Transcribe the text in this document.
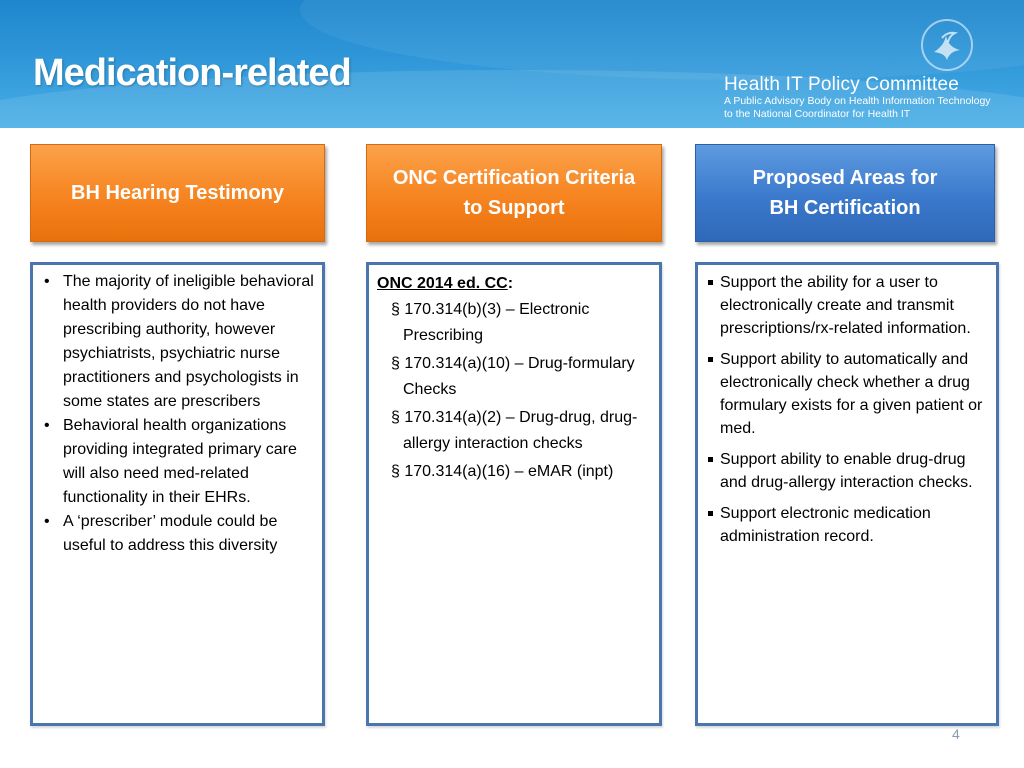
Medication-related	Health IT Policy Committee
A Public Advisory Body on Health Information Technology
to the National Coordinator for Health IT
BH Hearing Testimony
ONC Certification Criteria
to Support
Proposed Areas for
BH Certification
• The majority of ineligible behavioral health providers do not have prescribing authority, however psychiatrists, psychiatric nurse practitioners and psychologists in some states are prescribers
• Behavioral health organizations providing integrated primary care will also need med-related functionality in their EHRs.
• A ‘prescriber’ module could be useful to address this diversity
ONC 2014 ed. CC:
§ 170.314(b)(3) – Electronic Prescribing
§ 170.314(a)(10) – Drug-formulary Checks
§ 170.314(a)(2) – Drug-drug, drug-allergy interaction checks
§ 170.314(a)(16) – eMAR (inpt)
Support the ability for a user to electronically create and transmit prescriptions/rx-related information.
Support ability to automatically and electronically check whether a drug formulary exists for a given patient or med.
Support ability to enable drug-drug and drug-allergy interaction checks.
Support electronic medication administration record.
4
